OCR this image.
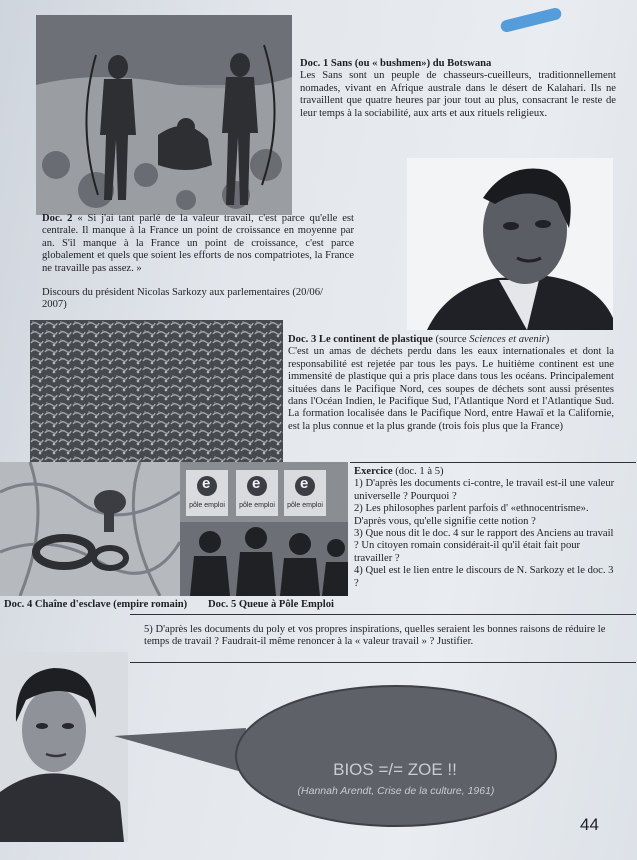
Doc. 1 Sans (ou « bushmen») du Botswana
Les Sans sont un peuple de chasseurs-cueilleurs, traditionnellement nomades, vivant en Afrique australe dans le désert de Kalahari. Ils ne travaillent que quatre heures par jour tout au plus, consacrant le reste de leur temps à la sociabilité, aux arts et aux rituels religieux.
Doc. 2 « Si j'ai tant parlé de la valeur travail, c'est parce qu'elle est centrale. Il manque à la France un point de croissance en moyenne par an. S'il manque à la France un point de croissance, c'est parce globalement et quels que soient les efforts de nos compatriotes, la France ne travaille pas assez. »

Discours du président Nicolas Sarkozy aux parlementaires (20/06/ 2007)
Doc. 3 Le continent de plastique (source Sciences et avenir)
C'est un amas de déchets perdu dans les eaux internationales et dont la responsabilité est rejetée par tous les pays. Le huitième continent est une immensité de plastique qui a pris place dans tous les océans. Principalement situées dans le Pacifique Nord, ces soupes de déchets sont aussi présentes dans l'Océan Indien, le Pacifique Sud, l'Atlantique Nord et l'Atlantique Sud. La formation localisée dans le Pacifique Nord, entre Hawaï et la Californie, est la plus connue et la plus grande (trois fois plus que la France)
e	e	e
pôle emploi pôle emploi pôle emploi
Exercice (doc. 1 à 5)

1) D'après les documents ci-contre, le travail est-il une valeur universelle ? Pourquoi ?
2) Les philosophes parlent parfois d' «ethnocentrisme». D'après vous, qu'elle signifie cette notion ?
3) Que nous dit le doc. 4 sur le rapport des Anciens au travail ? Un citoyen romain considérait-il qu'il était fait pour travailler ?
4) Quel est le lien entre le discours de N. Sarkozy et le doc. 3 ?
Doc. 4 Chaîne d'esclave (empire romain) Doc. 5 Queue à Pôle Emploi
5) D'après les documents du poly et vos propres inspirations, quelles seraient les bonnes raisons de réduire le temps de travail ? Faudrait-il même renoncer à la « valeur travail » ? Justifier.
BIOS =/= ZOE !!
(Hannah Arendt, Crise de la culture, 1961)
44
